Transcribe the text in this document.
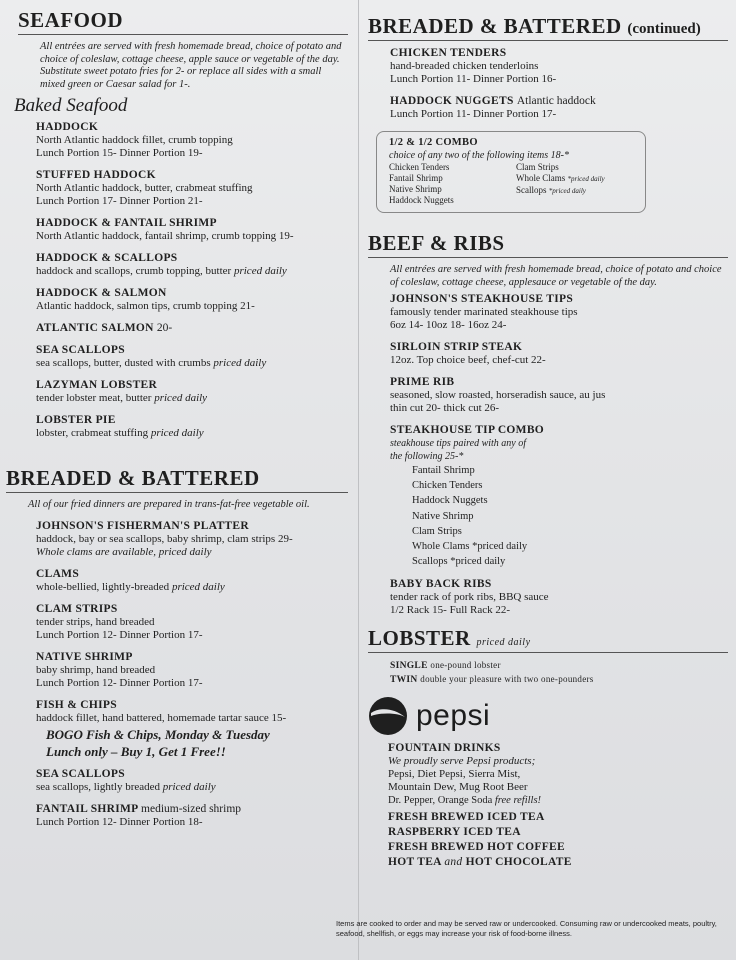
SEAFOOD
All entrées are served with fresh homemade bread, choice of potato and choice of coleslaw, cottage cheese, apple sauce or vegetable of the day. Substitute sweet potato fries for 2- or replace all sides with a small mixed green or Caesar salad for 1-.
Baked Seafood
HADDOCK
North Atlantic haddock fillet, crumb topping
Lunch Portion 15- Dinner Portion 19-
STUFFED HADDOCK
North Atlantic haddock, butter, crabmeat stuffing
Lunch Portion 17- Dinner Portion 21-
HADDOCK & FANTAIL SHRIMP
North Atlantic haddock, fantail shrimp, crumb topping 19-
HADDOCK & SCALLOPS
haddock and scallops, crumb topping, butter priced daily
HADDOCK & SALMON
Atlantic haddock, salmon tips, crumb topping 21-
ATLANTIC SALMON 20-
SEA SCALLOPS
sea scallops, butter, dusted with crumbs priced daily
LAZYMAN LOBSTER
tender lobster meat, butter priced daily
LOBSTER PIE
lobster, crabmeat stuffing priced daily
BREADED & BATTERED
All of our fried dinners are prepared in trans-fat-free vegetable oil.
JOHNSON'S FISHERMAN'S PLATTER
haddock, bay or sea scallops, baby shrimp, clam strips 29-
Whole clams are available, priced daily
CLAMS
whole-bellied, lightly-breaded priced daily
CLAM STRIPS
tender strips, hand breaded
Lunch Portion 12- Dinner Portion 17-
NATIVE SHRIMP
baby shrimp, hand breaded
Lunch Portion 12- Dinner Portion 17-
FISH & CHIPS
haddock fillet, hand battered, homemade tartar sauce 15-
BOGO Fish & Chips, Monday & Tuesday
Lunch only – Buy 1, Get 1 Free!!
SEA SCALLOPS
sea scallops, lightly breaded priced daily
FANTAIL SHRIMP medium-sized shrimp
Lunch Portion 12- Dinner Portion 18-
BREADED & BATTERED (continued)
CHICKEN TENDERS
hand-breaded chicken tenderloins
Lunch Portion 11- Dinner Portion 16-
HADDOCK NUGGETS Atlantic haddock
Lunch Portion 11- Dinner Portion 17-
1/2 & 1/2 COMBO
choice of any two of the following items 18-*
Chicken Tenders
Fantail Shrimp
Native Shrimp
Haddock Nuggets
Clam Strips
Whole Clams *priced daily
Scallops *priced daily
BEEF & RIBS
All entrées are served with fresh homemade bread, choice of potato and choice of coleslaw, cottage cheese, applesauce or vegetable of the day.
JOHNSON'S STEAKHOUSE TIPS
famously tender marinated steakhouse tips
6oz 14- 10oz 18- 16oz 24-
SIRLOIN STRIP STEAK
12oz. Top choice beef, chef-cut 22-
PRIME RIB
seasoned, slow roasted, horseradish sauce, au jus
thin cut 20- thick cut 26-
STEAKHOUSE TIP COMBO
steakhouse tips paired with any of
the following 25-*
Fantail Shrimp
Chicken Tenders
Haddock Nuggets
Native Shrimp
Clam Strips
Whole Clams *priced daily
Scallops *priced daily
BABY BACK RIBS
tender rack of pork ribs, BBQ sauce
1/2 Rack 15- Full Rack 22-
LOBSTER priced daily
SINGLE one-pound lobster
TWIN double your pleasure with two one-pounders
pepsi
FOUNTAIN DRINKS
We proudly serve Pepsi products;
Pepsi, Diet Pepsi, Sierra Mist,
Mountain Dew, Mug Root Beer
Dr. Pepper, Orange Soda free refills!
FRESH BREWED ICED TEA
RASPBERRY ICED TEA
FRESH BREWED HOT COFFEE
HOT TEA and HOT CHOCOLATE
Items are cooked to order and may be served raw or undercooked. Consuming raw or undercooked meats, poultry, seafood, shellfish, or eggs may increase your risk of food-borne illness.
